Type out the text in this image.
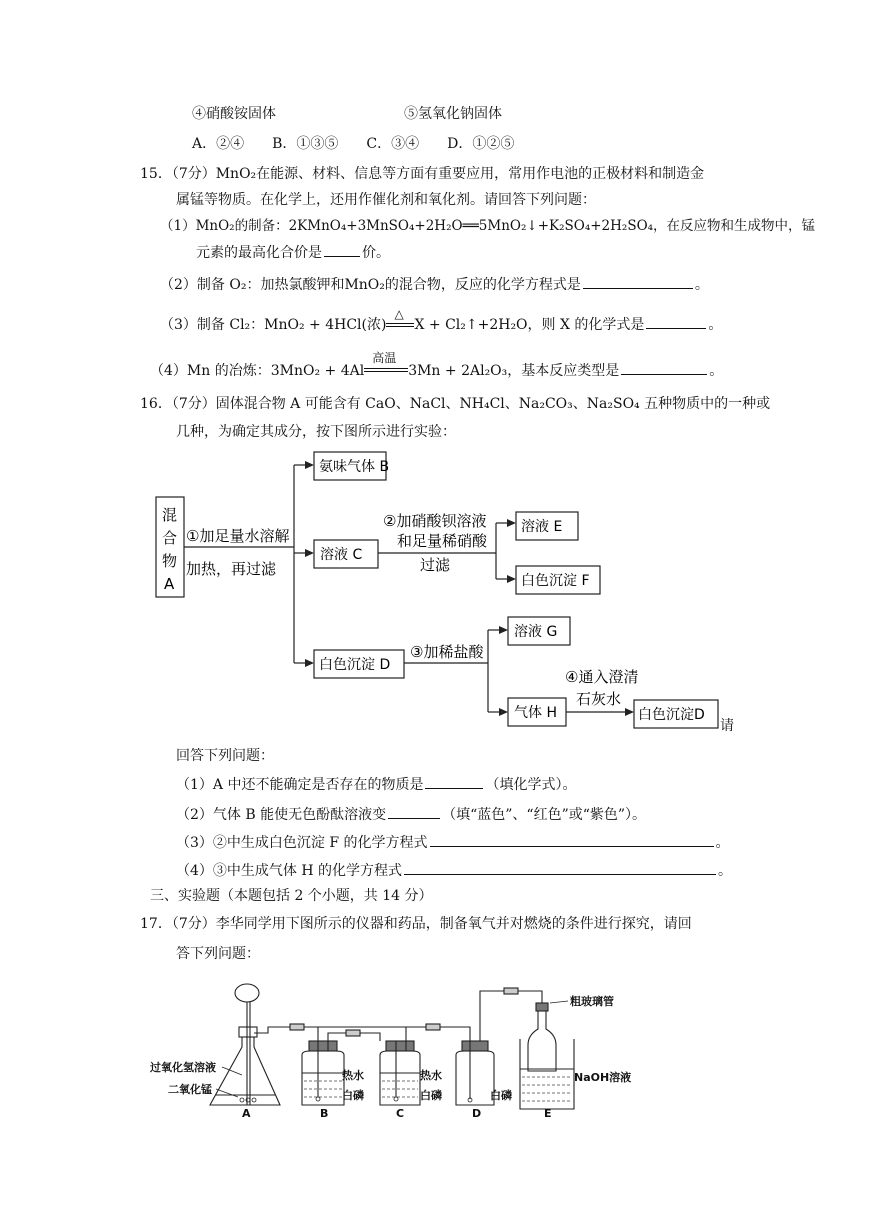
④硝酸铵固体	⑤氢氧化钠固体
A．②④　　B．①③⑤　　C．③④　　D．①②⑤
15．（7分）MnO₂在能源、材料、信息等方面有重要应用，常用作电池的正极材料和制造金
属锰等物质。在化学上，还用作催化剂和氧化剂。请回答下列问题：
（1）MnO₂的制备：2KMnO₄+3MnSO₄+2H₂O══5MnO₂↓+K₂SO₄+2H₂SO₄，在反应物和生成物中，锰
元素的最高化合价是	价。
（2）制备 O₂：加热氯酸钾和MnO₂的混合物，反应的化学方程式是	。
（3）制备 Cl₂：MnO₂ + 4HCl(浓)
△
X + Cl₂↑+2H₂O，则 X 的化学式是	。
（4）Mn 的冶炼：3MnO₂ + 4Al
高温
3Mn + 2Al₂O₃，基本反应类型是	。
16．（7分）固体混合物 A 可能含有 CaO、NaCl、NH₄Cl、Na₂CO₃、Na₂SO₄ 五种物质中的一种或
几种，为确定其成分，按下图所示进行实验：
混
合
物
A
①加足量水溶解
加热，再过滤
氨味气体 B
溶液 C
②加硝酸钡溶液
和足量稀硝酸
过滤
溶液 E
白色沉淀 F
白色沉淀 D
③加稀盐酸
溶液 G
气体 H
④通入澄清
石灰水
白色沉淀D
请
回答下列问题：
（1）A 中还不能确定是否存在的物质是	（填化学式）。
（2）气体 B 能使无色酚酞溶液变	（填“蓝色”、“红色”或“紫色”）。
（3）②中生成白色沉淀 F 的化学方程式	。
（4）③中生成气体 H 的化学方程式	。
三、实验题（本题包括 2 个小题，共 14 分）
17．（7分）李华同学用下图所示的仪器和药品，制备氧气并对燃烧的条件进行探究，请回
答下列问题：
过氧化氢溶液
二氧化锰
热水
白磷
热水
白磷	白磷
粗玻璃管
NaOH溶液
A	B	C	D	E
